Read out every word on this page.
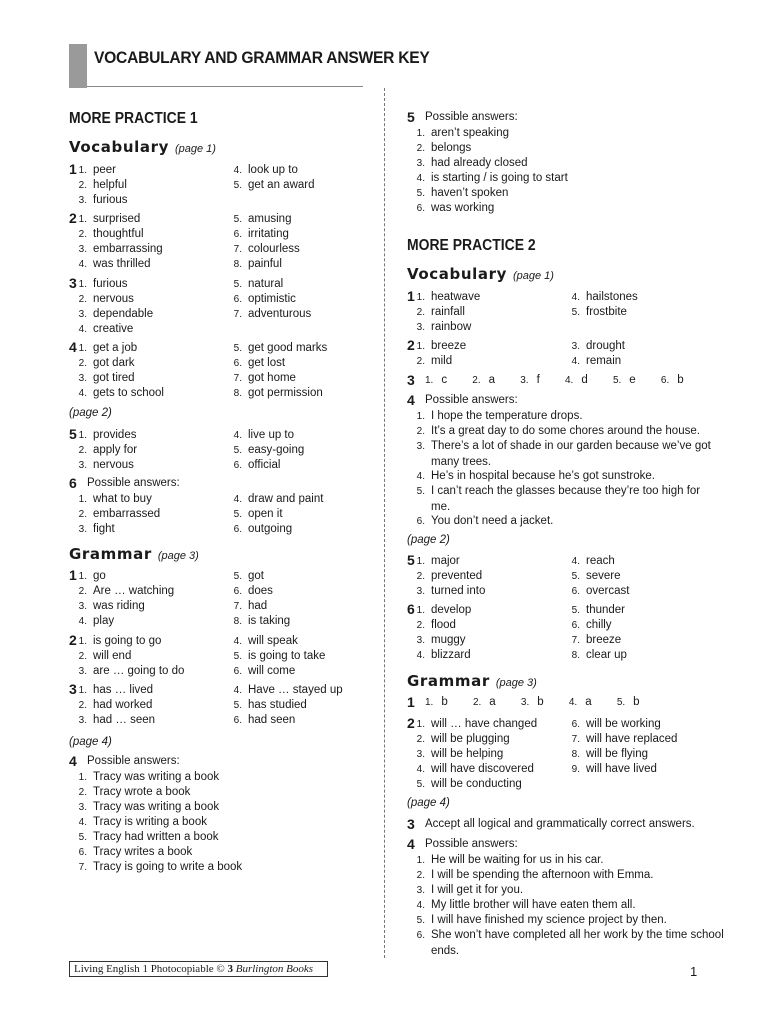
VOCABULARY AND GRAMMAR ANSWER KEY
MORE PRACTICE 1
Vocabulary (page 1)
1 1. peer
2. helpful
3. furious
4. look up to
5. get an award
2 1. surprised
2. thoughtful
3. embarrassing
4. was thrilled
5. amusing
6. irritating
7. colourless
8. painful
3 1. furious
2. nervous
3. dependable
4. creative
5. natural
6. optimistic
7. adventurous
4 1. get a job
2. got dark
3. got tired
4. gets to school
5. get good marks
6. get lost
7. got home
8. got permission
(page 2)
5 1. provides
2. apply for
3. nervous
4. live up to
5. easy-going
6. official
6 Possible answers:
1. what to buy
2. embarrassed
3. fight
4. draw and paint
5. open it
6. outgoing
Grammar (page 3)
1 1. go
2. Are … watching
3. was riding
4. play
5. got
6. does
7. had
8. is taking
2 1. is going to go
2. will end
3. are … going to do
4. will speak
5. is going to take
6. will come
3 1. has … lived
2. had worked
3. had … seen
4. Have … stayed up
5. has studied
6. had seen
(page 4)
4 Possible answers:
1. Tracy was writing a book
2. Tracy wrote a book
3. Tracy was writing a book
4. Tracy is writing a book
5. Tracy had written a book
6. Tracy writes a book
7. Tracy is going to write a book
5 Possible answers:
1. aren’t speaking
2. belongs
3. had already closed
4. is starting / is going to start
5. haven’t spoken
6. was working
MORE PRACTICE 2
Vocabulary (page 1)
1 1. heatwave
2. rainfall
3. rainbow
4. hailstones
5. frostbite
2 1. breeze
2. mild
3. drought
4. remain
3 1. c	2. a	3. f	4. d	5. e	6. b
4 Possible answers:
1. I hope the temperature drops.
2. It’s a great day to do some chores around the house.
3. There’s a lot of shade in our garden because we’ve got many trees.
4. He’s in hospital because he’s got sunstroke.
5. I can’t reach the glasses because they’re too high for me.
6. You don’t need a jacket.
(page 2)
5 1. major
2. prevented
3. turned into
4. reach
5. severe
6. overcast
6 1. develop
2. flood
3. muggy
4. blizzard
5. thunder
6. chilly
7. breeze
8. clear up
Grammar (page 3)
1 1. b	2. a	3. b	4. a	5. b
2 1. will … have changed
2. will be plugging
3. will be helping
4. will have discovered
5. will be conducting
6. will be working
7. will have replaced
8. will be flying
9. will have lived
(page 4)
3 Accept all logical and grammatically correct answers.
4 Possible answers:
1. He will be waiting for us in his car.
2. I will be spending the afternoon with Emma.
3. I will get it for you.
4. My little brother will have eaten them all.
5. I will have finished my science project by then.
6. She won’t have completed all her work by the time school ends.
Living English 1 Photocopiable © 3 Burlington Books	1
